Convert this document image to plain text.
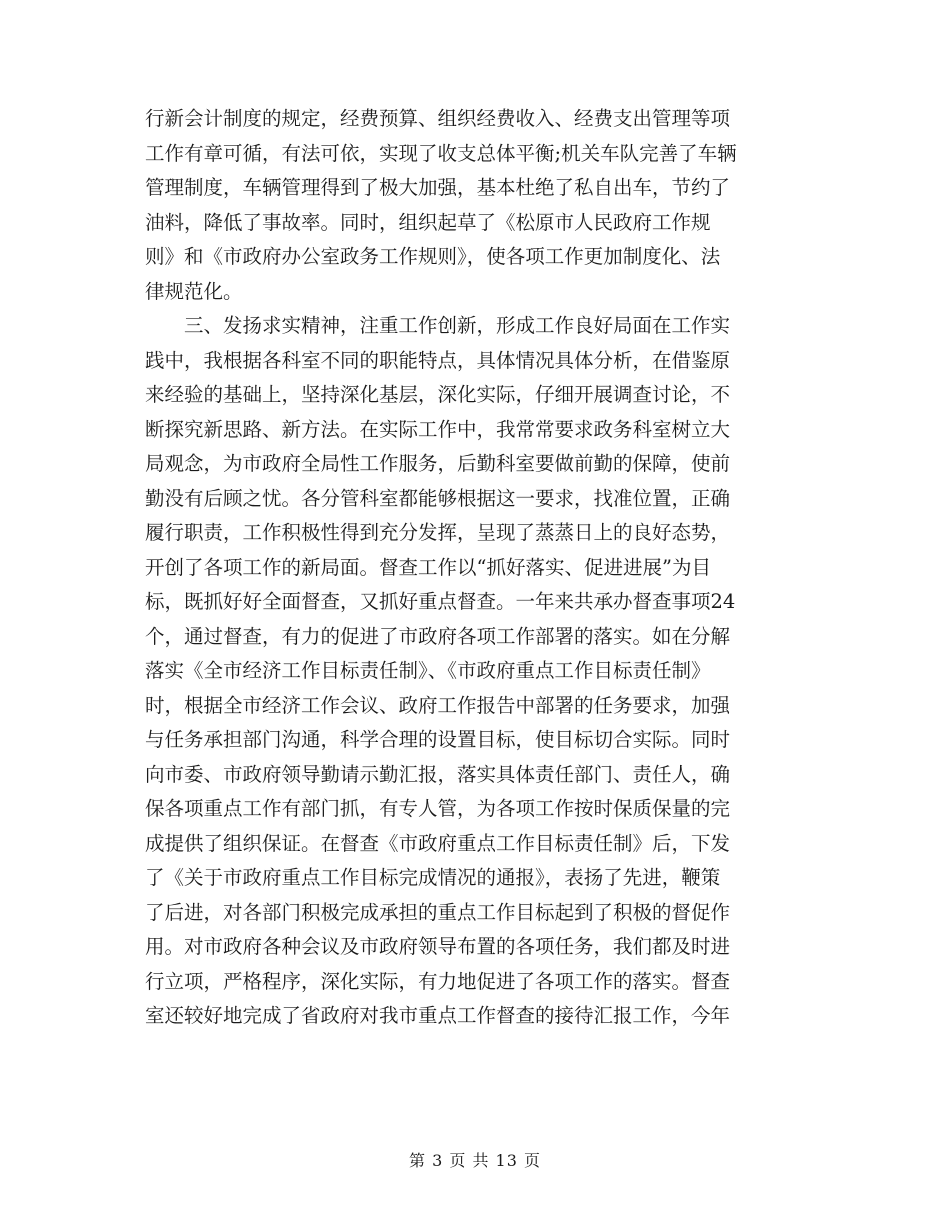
行新会计制度的规定，经费预算、组织经费收入、经费支出管理等项
工作有章可循，有法可依，实现了收支总体平衡;机关车队完善了车辆
管理制度，车辆管理得到了极大加强，基本杜绝了私自出车，节约了
油料，降低了事故率。同时，组织起草了《松原市人民政府工作规
则》和《市政府办公室政务工作规则》，使各项工作更加制度化、法
律规范化。
　　三、发扬求实精神，注重工作创新，形成工作良好局面在工作实
践中，我根据各科室不同的职能特点，具体情况具体分析，在借鉴原
来经验的基础上，坚持深化基层，深化实际，仔细开展调查讨论，不
断探究新思路、新方法。在实际工作中，我常常要求政务科室树立大
局观念，为市政府全局性工作服务，后勤科室要做前勤的保障，使前
勤没有后顾之忧。各分管科室都能够根据这一要求，找准位置，正确
履行职责，工作积极性得到充分发挥，呈现了蒸蒸日上的良好态势，
开创了各项工作的新局面。督查工作以“抓好落实、促进进展”为目
标，既抓好好全面督查，又抓好重点督查。一年来共承办督查事项24
个，通过督查，有力的促进了市政府各项工作部署的落实。如在分解
落实《全市经济工作目标责任制》、《市政府重点工作目标责任制》
时，根据全市经济工作会议、政府工作报告中部署的任务要求，加强
与任务承担部门沟通，科学合理的设置目标，使目标切合实际。同时
向市委、市政府领导勤请示勤汇报，落实具体责任部门、责任人，确
保各项重点工作有部门抓，有专人管，为各项工作按时保质保量的完
成提供了组织保证。在督查《市政府重点工作目标责任制》后，下发
了《关于市政府重点工作目标完成情况的通报》，表扬了先进，鞭策
了后进，对各部门积极完成承担的重点工作目标起到了积极的督促作
用。对市政府各种会议及市政府领导布置的各项任务，我们都及时进
行立项，严格程序，深化实际，有力地促进了各项工作的落实。督查
室还较好地完成了省政府对我市重点工作督查的接待汇报工作，今年
第 3 页 共 13 页
